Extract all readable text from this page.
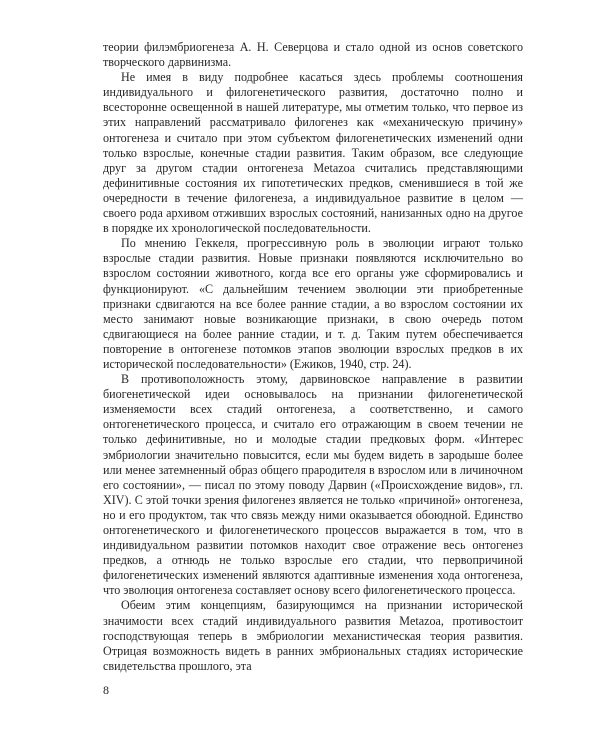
теории филэмбриогенеза А. Н. Северцова и стало одной из основ советского творческого дарвинизма.

Не имея в виду подробнее касаться здесь проблемы соотношения индивидуального и филогенетического развития, достаточно полно и всесторонне освещенной в нашей литературе, мы отметим только, что первое из этих направлений рассматривало филогенез как «механическую причину» онтогенеза и считало при этом субъектом филогенетических изменений одни только взрослые, конечные стадии развития. Таким образом, все следующие друг за другом стадии онтогенеза Metazoa считались представляющими дефинитивные состояния их гипотетических предков, сменившиеся в той же очередности в течение филогенеза, а индивидуальное развитие в целом — своего рода архивом отживших взрослых состояний, нанизанных одно на другое в порядке их хронологической последовательности.

По мнению Геккеля, прогрессивную роль в эволюции играют только взрослые стадии развития. Новые признаки появляются исключительно во взрослом состоянии животного, когда все его органы уже сформировались и функционируют. «С дальнейшим течением эволюции эти приобретенные признаки сдвигаются на все более ранние стадии, а во взрослом состоянии их место занимают новые возникающие признаки, в свою очередь потом сдвигающиеся на более ранние стадии, и т. д. Таким путем обеспечивается повторение в онтогенезе потомков этапов эволюции взрослых предков в их исторической последовательности» (Ежиков, 1940, стр. 24).

В противоположность этому, дарвиновское направление в развитии биогенетической идеи основывалось на признании филогенетической изменяемости всех стадий онтогенеза, а соответственно, и самого онтогенетического процесса, и считало его отражающим в своем течении не только дефинитивные, но и молодые стадии предковых форм. «Интерес эмбриологии значительно повысится, если мы будем видеть в зародыше более или менее затемненный образ общего прародителя в взрослом или в личиночном его состоянии», — писал по этому поводу Дарвин («Происхождение видов», гл. XIV). С этой точки зрения филогенез является не только «причиной» онтогенеза, но и его продуктом, так что связь между ними оказывается обоюдной. Единство онтогенетического и филогенетического процессов выражается в том, что в индивидуальном развитии потомков находит свое отражение весь онтогенез предков, а отнюдь не только взрослые его стадии, что первопричиной филогенетических изменений являются адаптивные изменения хода онтогенеза, что эволюция онтогенеза составляет основу всего филогенетического процесса.

Обеим этим концепциям, базирующимся на признании исторической значимости всех стадий индивидуального развития Metazoa, противостоит господствующая теперь в эмбриологии механистическая теория развития. Отрицая возможность видеть в ранних эмбриональных стадиях исторические свидетельства прошлого, эта

8
